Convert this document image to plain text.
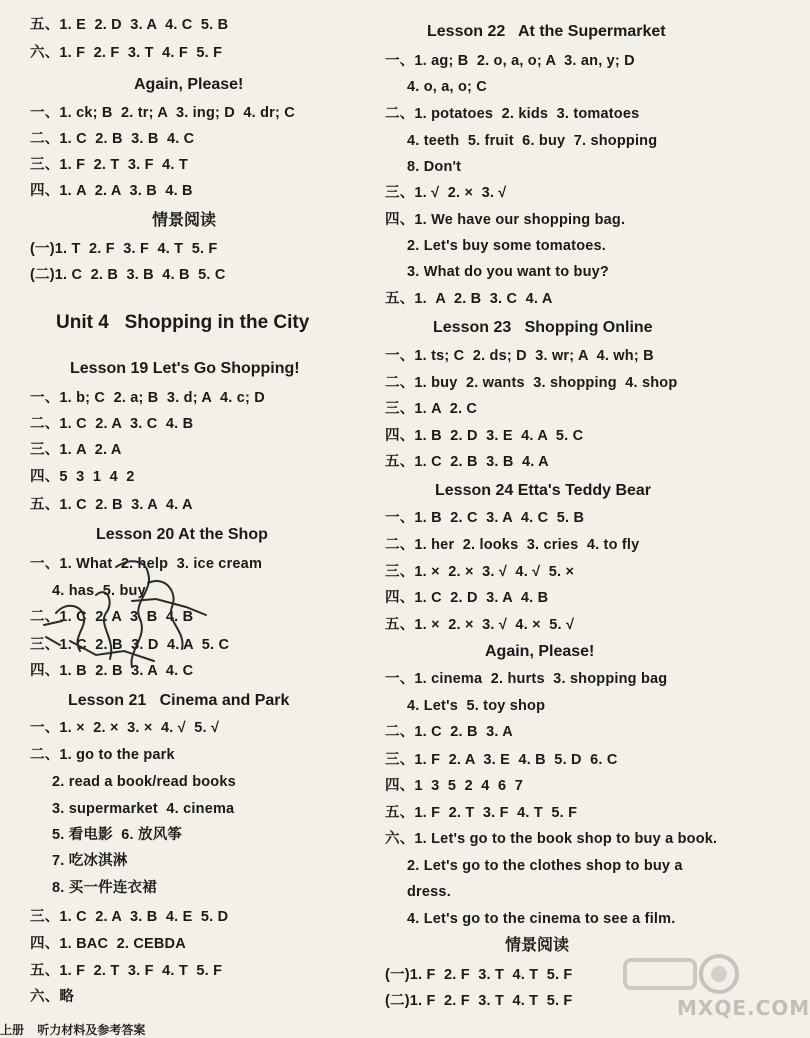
五、1. E  2. D  3. A  4. C  5. B
六、1. F  2. F  3. T  4. F  5. F
Again, Please!
一、1. ck; B  2. tr; A  3. ing; D  4. dr; C
二、1. C  2. B  3. B  4. C
三、1. F  2. T  3. F  4. T
四、1. A  2. A  3. B  4. B
情景阅读
(一)1. T  2. F  3. F  4. T  5. F
(二)1. C  2. B  3. B  4. B  5. C
Unit 4   Shopping in the City
Lesson 19 Let's Go Shopping!
一、1. b; C  2. a; B  3. d; A  4. c; D
二、1. C  2. A  3. C  4. B
三、1. A  2. A
四、5  3  1  4  2
五、1. C  2. B  3. A  4. A
Lesson 20 At the Shop
一、1. What  2. help  3. ice cream
4. has  5. buy
二、1. C  2. A  3. B  4. B
三、1. C  2. B  3. D  4. A  5. C
四、1. B  2. B  3. A  4. C
Lesson 21   Cinema and Park
一、1. ×  2. ×  3. ×  4. √  5. √
二、1. go to the park
2. read a book/read books
3. supermarket  4. cinema
5. 看电影  6. 放风筝
7. 吃冰淇淋
8. 买一件连衣裙
三、1. C  2. A  3. B  4. E  5. D
四、1. BAC  2. CEBDA
五、1. F  2. T  3. F  4. T  5. F
六、略
Lesson 22   At the Supermarket
一、1. ag; B  2. o, a, o; A  3. an, y; D
4. o, a, o; C
二、1. potatoes  2. kids  3. tomatoes
4. teeth  5. fruit  6. buy  7. shopping
8. Don't
三、1. √  2. ×  3. √
四、1. We have our shopping bag.
2. Let's buy some tomatoes.
3. What do you want to buy?
五、1.  A  2. B  3. C  4. A
Lesson 23   Shopping Online
一、1. ts; C  2. ds; D  3. wr; A  4. wh; B
二、1. buy  2. wants  3. shopping  4. shop
三、1. A  2. C
四、1. B  2. D  3. E  4. A  5. C
五、1. C  2. B  3. B  4. A
Lesson 24 Etta's Teddy Bear
一、1. B  2. C  3. A  4. C  5. B
二、1. her  2. looks  3. cries  4. to fly
三、1. ×  2. ×  3. √  4. √  5. ×
四、1. C  2. D  3. A  4. B
五、1. ×  2. ×  3. √  4. ×  5. √
Again, Please!
一、1. cinema  2. hurts  3. shopping bag
4. Let's  5. toy shop
二、1. C  2. B  3. A
三、1. F  2. A  3. E  4. B  5. D  6. C
四、1  3  5  2  4  6  7
五、1. F  2. T  3. F  4. T  5. F
六、1. Let's go to the book shop to buy a book.
2. Let's go to the clothes shop to buy a
dress.
4. Let's go to the cinema to see a film.
情景阅读
(一)1. F  2. F  3. T  4. T  5. F
(二)1. F  2. F  3. T  4. T  5. F	MXQE.COM
上册    听力材料及参考答案
